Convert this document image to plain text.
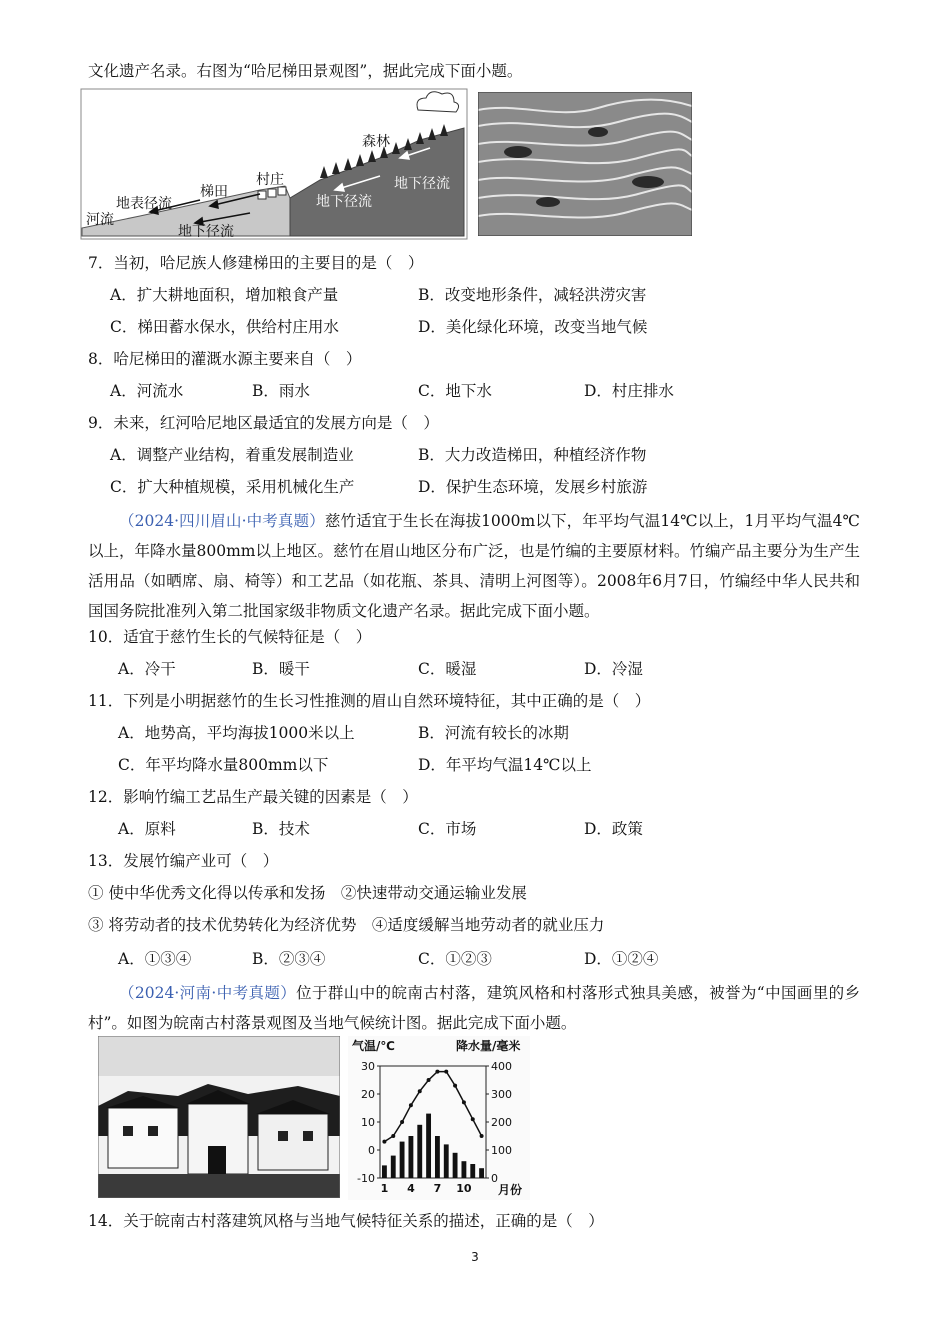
文化遗产名录。右图为“哈尼梯田景观图”，据此完成下面小题。
森林
村庄
梯田
地表径流
河流
地下径流
地下径流
地下径流
7．当初，哈尼族人修建梯田的主要目的是（　）
A．扩大耕地面积，增加粮食产量	B．改变地形条件，减轻洪涝灾害
C．梯田蓄水保水，供给村庄用水	D．美化绿化环境，改变当地气候
8．哈尼梯田的灌溉水源主要来自（　）
A．河流水	B．雨水	C．地下水	D．村庄排水
9．未来，红河哈尼地区最适宜的发展方向是（　）
A．调整产业结构，着重发展制造业	B．大力改造梯田，种植经济作物
C．扩大种植规模，采用机械化生产	D．保护生态环境，发展乡村旅游
（2024·四川眉山·中考真题）慈竹适宜于生长在海拔1000m以下，年平均气温14℃以上，1月平均气温4℃以上，年降水量800mm以上地区。慈竹在眉山地区分布广泛，也是竹编的主要原材料。竹编产品主要分为生产生活用品（如晒席、扇、椅等）和工艺品（如花瓶、茶具、清明上河图等）。2008年6月7日，竹编经中华人民共和国国务院批准列入第二批国家级非物质文化遗产名录。据此完成下面小题。
10．适宜于慈竹生长的气候特征是（　）
A．冷干	B．暖干	C．暖湿	D．冷湿
11．下列是小明据慈竹的生长习性推测的眉山自然环境特征，其中正确的是（　）
A．地势高，平均海拔1000米以上	B．河流有较长的冰期
C．年平均降水量800mm以下	D．年平均气温14℃以上
12．影响竹编工艺品生产最关键的因素是（　）
A．原料	B．技术	C．市场	D．政策
13．发展竹编产业可（　）
① 使中华优秀文化得以传承和发扬　②快速带动交通运输业发展
③ 将劳动者的技术优势转化为经济优势　④适度缓解当地劳动者的就业压力
A．①③④	B．②③④	C．①②③	D．①②④
（2024·河南·中考真题）位于群山中的皖南古村落，建筑风格和村落形式独具美感，被誉为“中国画里的乡村”。如图为皖南古村落景观图及当地气候统计图。据此完成下面小题。
气温/℃	降水量/毫米
30
20
10
0
-10
400
300
200
100
0
1 4 7 10 月份
14．关于皖南古村落建筑风格与当地气候特征关系的描述，正确的是（　）
3
